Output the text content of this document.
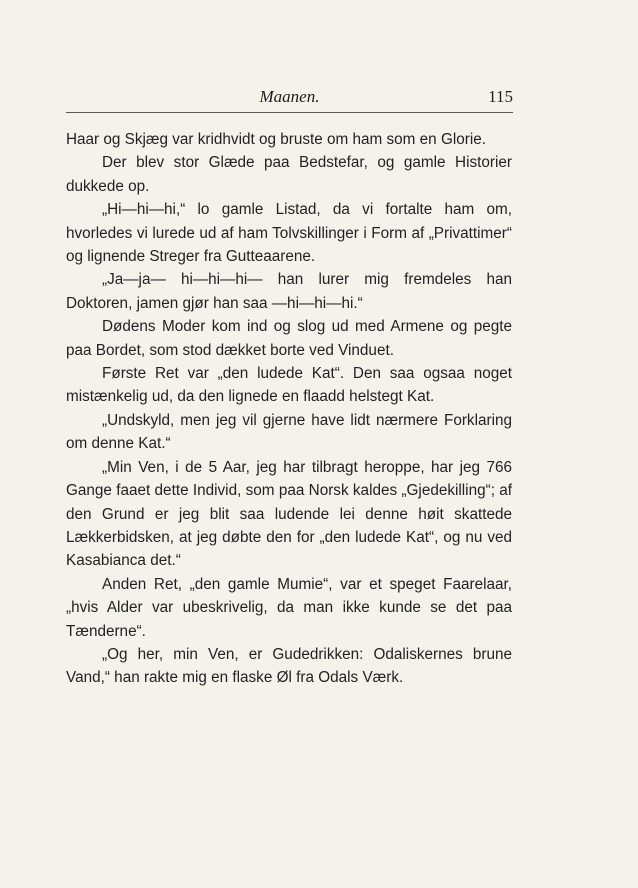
Maanen.	115

Haar og Skjæg var kridhvidt og bruste om ham som en Glorie.

Der blev stor Glæde paa Bedstefar, og gamle Historier dukkede op.

„Hi—hi—hi,“ lo gamle Listad, da vi fortalte ham om, hvorledes vi lurede ud af ham Tolvskillinger i Form af „Privattimer“ og lignende Streger fra Gutteaarene.

„Ja—ja— hi—hi—hi— han lurer mig fremdeles han Doktoren, jamen gjør han saa —hi—hi—hi.“

Dødens Moder kom ind og slog ud med Armene og pegte paa Bordet, som stod dækket borte ved Vinduet.

Første Ret var „den ludede Kat“. Den saa ogsaa noget mistænkelig ud, da den lignede en flaadd helstegt Kat.

„Undskyld, men jeg vil gjerne have lidt nærmere Forklaring om denne Kat.“

„Min Ven, i de 5 Aar, jeg har tilbragt heroppe, har jeg 766 Gange faaet dette Individ, som paa Norsk kaldes „Gjedekilling“; af den Grund er jeg blit saa ludende lei denne høit skattede Lækkerbidsken, at jeg døbte den for „den ludede Kat“, og nu ved Kasabianca det.“

Anden Ret, „den gamle Mumie“, var et speget Faarelaar, „hvis Alder var ubeskrivelig, da man ikke kunde se det paa Tænderne“.

„Og her, min Ven, er Gudedrikken: Odaliskernes brune Vand,“ han rakte mig en flaske Øl fra Odals Værk.
